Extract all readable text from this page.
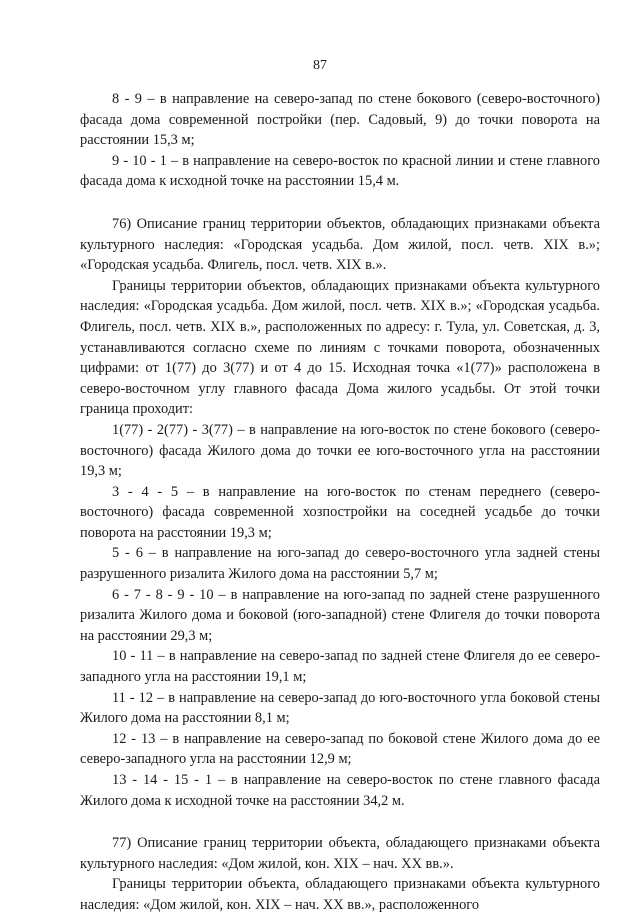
87

8 - 9 – в направление на северо-запад по стене бокового (северо-восточного) фасада дома современной постройки (пер. Садовый, 9) до точки поворота на расстоянии 15,3 м;

9 - 10 - 1 – в направление на северо-восток по красной линии и стене главного фасада дома к исходной точке на расстоянии 15,4 м.

76) Описание границ территории объектов, обладающих признаками объекта культурного наследия: «Городская усадьба. Дом жилой, посл. четв. XIX в.»; «Городская усадьба. Флигель, посл. четв. XIX в.».

Границы территории объектов, обладающих признаками объекта культурного наследия: «Городская усадьба. Дом жилой, посл. четв. XIX в.»; «Городская усадьба. Флигель, посл. четв. XIX в.», расположенных по адресу: г. Тула, ул. Советская, д. 3, устанавливаются согласно схеме по линиям с точками поворота, обозначенных цифрами: от 1(77) до 3(77) и от 4 до 15. Исходная точка «1(77)» расположена в северо-восточном углу главного фасада Дома жилого усадьбы. От этой точки граница проходит:

1(77) - 2(77) - 3(77) – в направление на юго-восток по стене бокового (северо-восточного) фасада Жилого дома до точки ее юго-восточного угла на расстоянии 19,3 м;

3 - 4 - 5 – в направление на юго-восток по стенам переднего (северо-восточного) фасада современной хозпостройки на соседней усадьбе до точки поворота на расстоянии 19,3 м;

5 - 6 – в направление на юго-запад до северо-восточного угла задней стены разрушенного ризалита Жилого дома на расстоянии 5,7 м;

6 - 7 - 8 - 9 - 10 – в направление на юго-запад по задней стене разрушенного ризалита Жилого дома и боковой (юго-западной) стене Флигеля до точки поворота на расстоянии 29,3 м;

10 - 11 – в направление на северо-запад по задней стене Флигеля до ее северо-западного угла на расстоянии 19,1 м;

11 - 12 – в направление на северо-запад до юго-восточного угла боковой стены Жилого дома на расстоянии 8,1 м;

12 - 13 – в направление на северо-запад по боковой стене Жилого дома до ее северо-западного угла на расстоянии 12,9 м;

13 - 14 - 15 - 1 – в направление на северо-восток по стене главного фасада Жилого дома к исходной точке на расстоянии 34,2 м.

77) Описание границ территории объекта, обладающего признаками объекта культурного наследия: «Дом жилой, кон. XIX – нач. XX вв.».

Границы территории объекта, обладающего признаками объекта культурного наследия: «Дом жилой, кон. XIX – нач. XX вв.», расположенного
